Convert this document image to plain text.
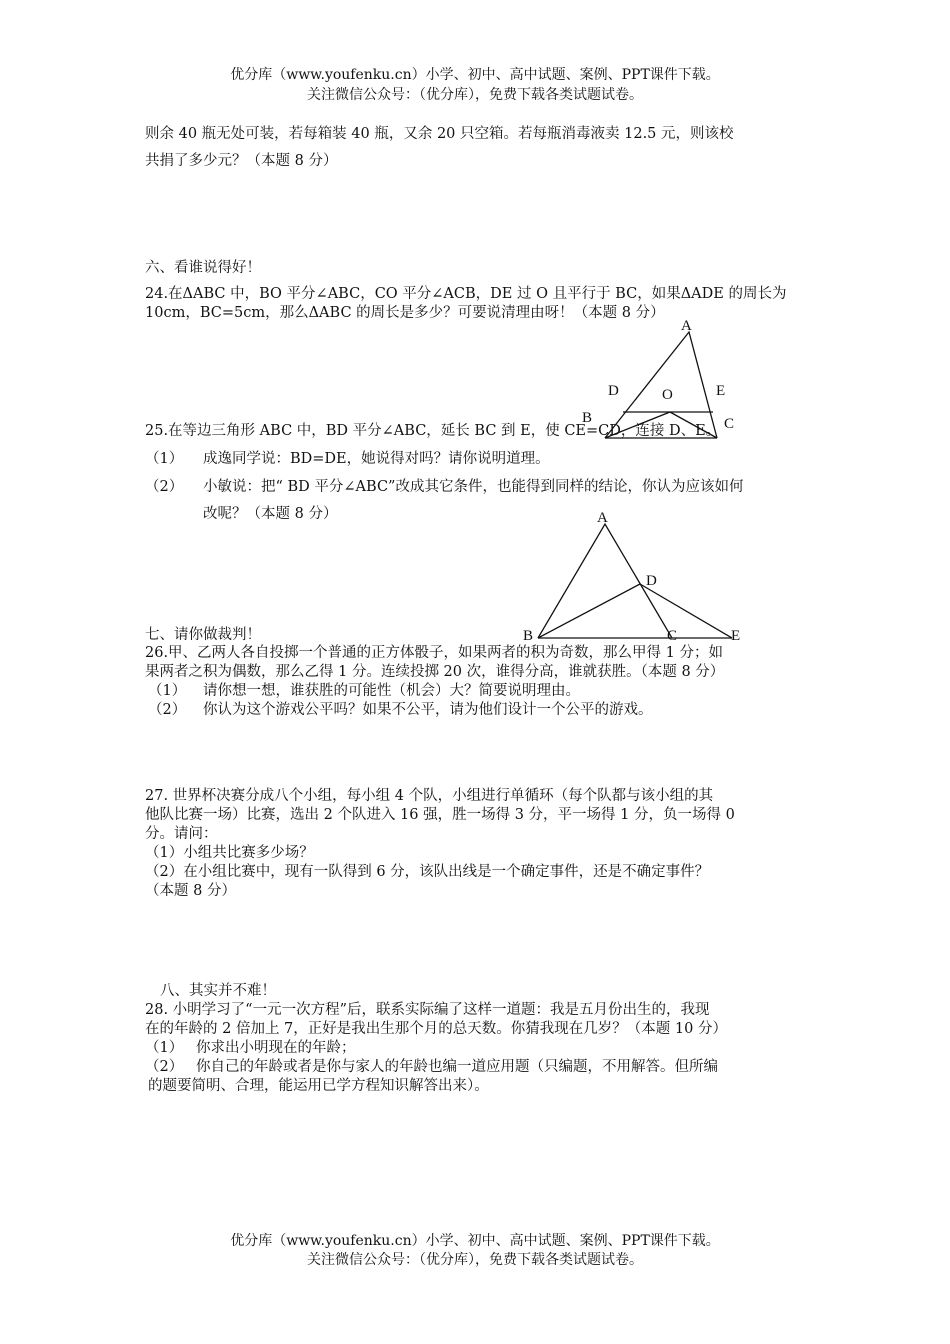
优分库（www.youfenku.cn）小学、初中、高中试题、案例、PPT课件下载。
关注微信公众号：（优分库），免费下载各类试题试卷。
则余 40 瓶无处可装，若每箱装 40 瓶，又余 20 只空箱。若每瓶消毒液卖 12.5 元，则该校
共捐了多少元？（本题 8 分）
六、看谁说得好！
24.在ΔABC 中，BO 平分∠ABC，CO 平分∠ACB，DE 过 O 且平行于 BC，如果ΔADE 的周长为
10cm，BC=5cm，那么ΔABC 的周长是多少？可要说清理由呀！（本题 8 分）
A
D	O	E
B	C
25.在等边三角形 ABC 中，BD 平分∠ABC，延长 BC 到 E，使 CE=CD，连接 D、E。
（1） 成逸同学说：BD=DE，她说得对吗？请你说明道理。
（2） 小敏说：把“ BD 平分∠ABC”改成其它条件，也能得到同样的结论，你认为应该如何
改呢？（本题 8 分）	A
D
B	C	E
七、请你做裁判！
26.甲、乙两人各自投掷一个普通的正方体骰子，如果两者的积为奇数，那么甲得 1 分；如
果两者之积为偶数，那么乙得 1 分。连续投掷 20 次，谁得分高，谁就获胜。（本题 8 分）
（1） 请你想一想，谁获胜的可能性（机会）大？简要说明理由。
（2） 你认为这个游戏公平吗？如果不公平，请为他们设计一个公平的游戏。
27. 世界杯决赛分成八个小组，每小组 4 个队，小组进行单循环（每个队都与该小组的其
他队比赛一场）比赛，选出 2 个队进入 16 强，胜一场得 3 分，平一场得 1 分，负一场得 0
分。请问：
（1）小组共比赛多少场？
（2）在小组比赛中，现有一队得到 6 分，该队出线是一个确定事件，还是不确定事件？
（本题 8 分）
八、其实并不难！
28. 小明学习了“一元一次方程”后，联系实际编了这样一道题：我是五月份出生的，我现
在的年龄的 2 倍加上 7，正好是我出生那个月的总天数。你猜我现在几岁？（本题 10 分）
（1） 你求出小明现在的年龄；
（2） 你自己的年龄或者是你与家人的年龄也编一道应用题（只编题，不用解答。但所编
的题要简明、合理，能运用已学方程知识解答出来）。
优分库（www.youfenku.cn）小学、初中、高中试题、案例、PPT课件下载。
关注微信公众号：（优分库），免费下载各类试题试卷。
